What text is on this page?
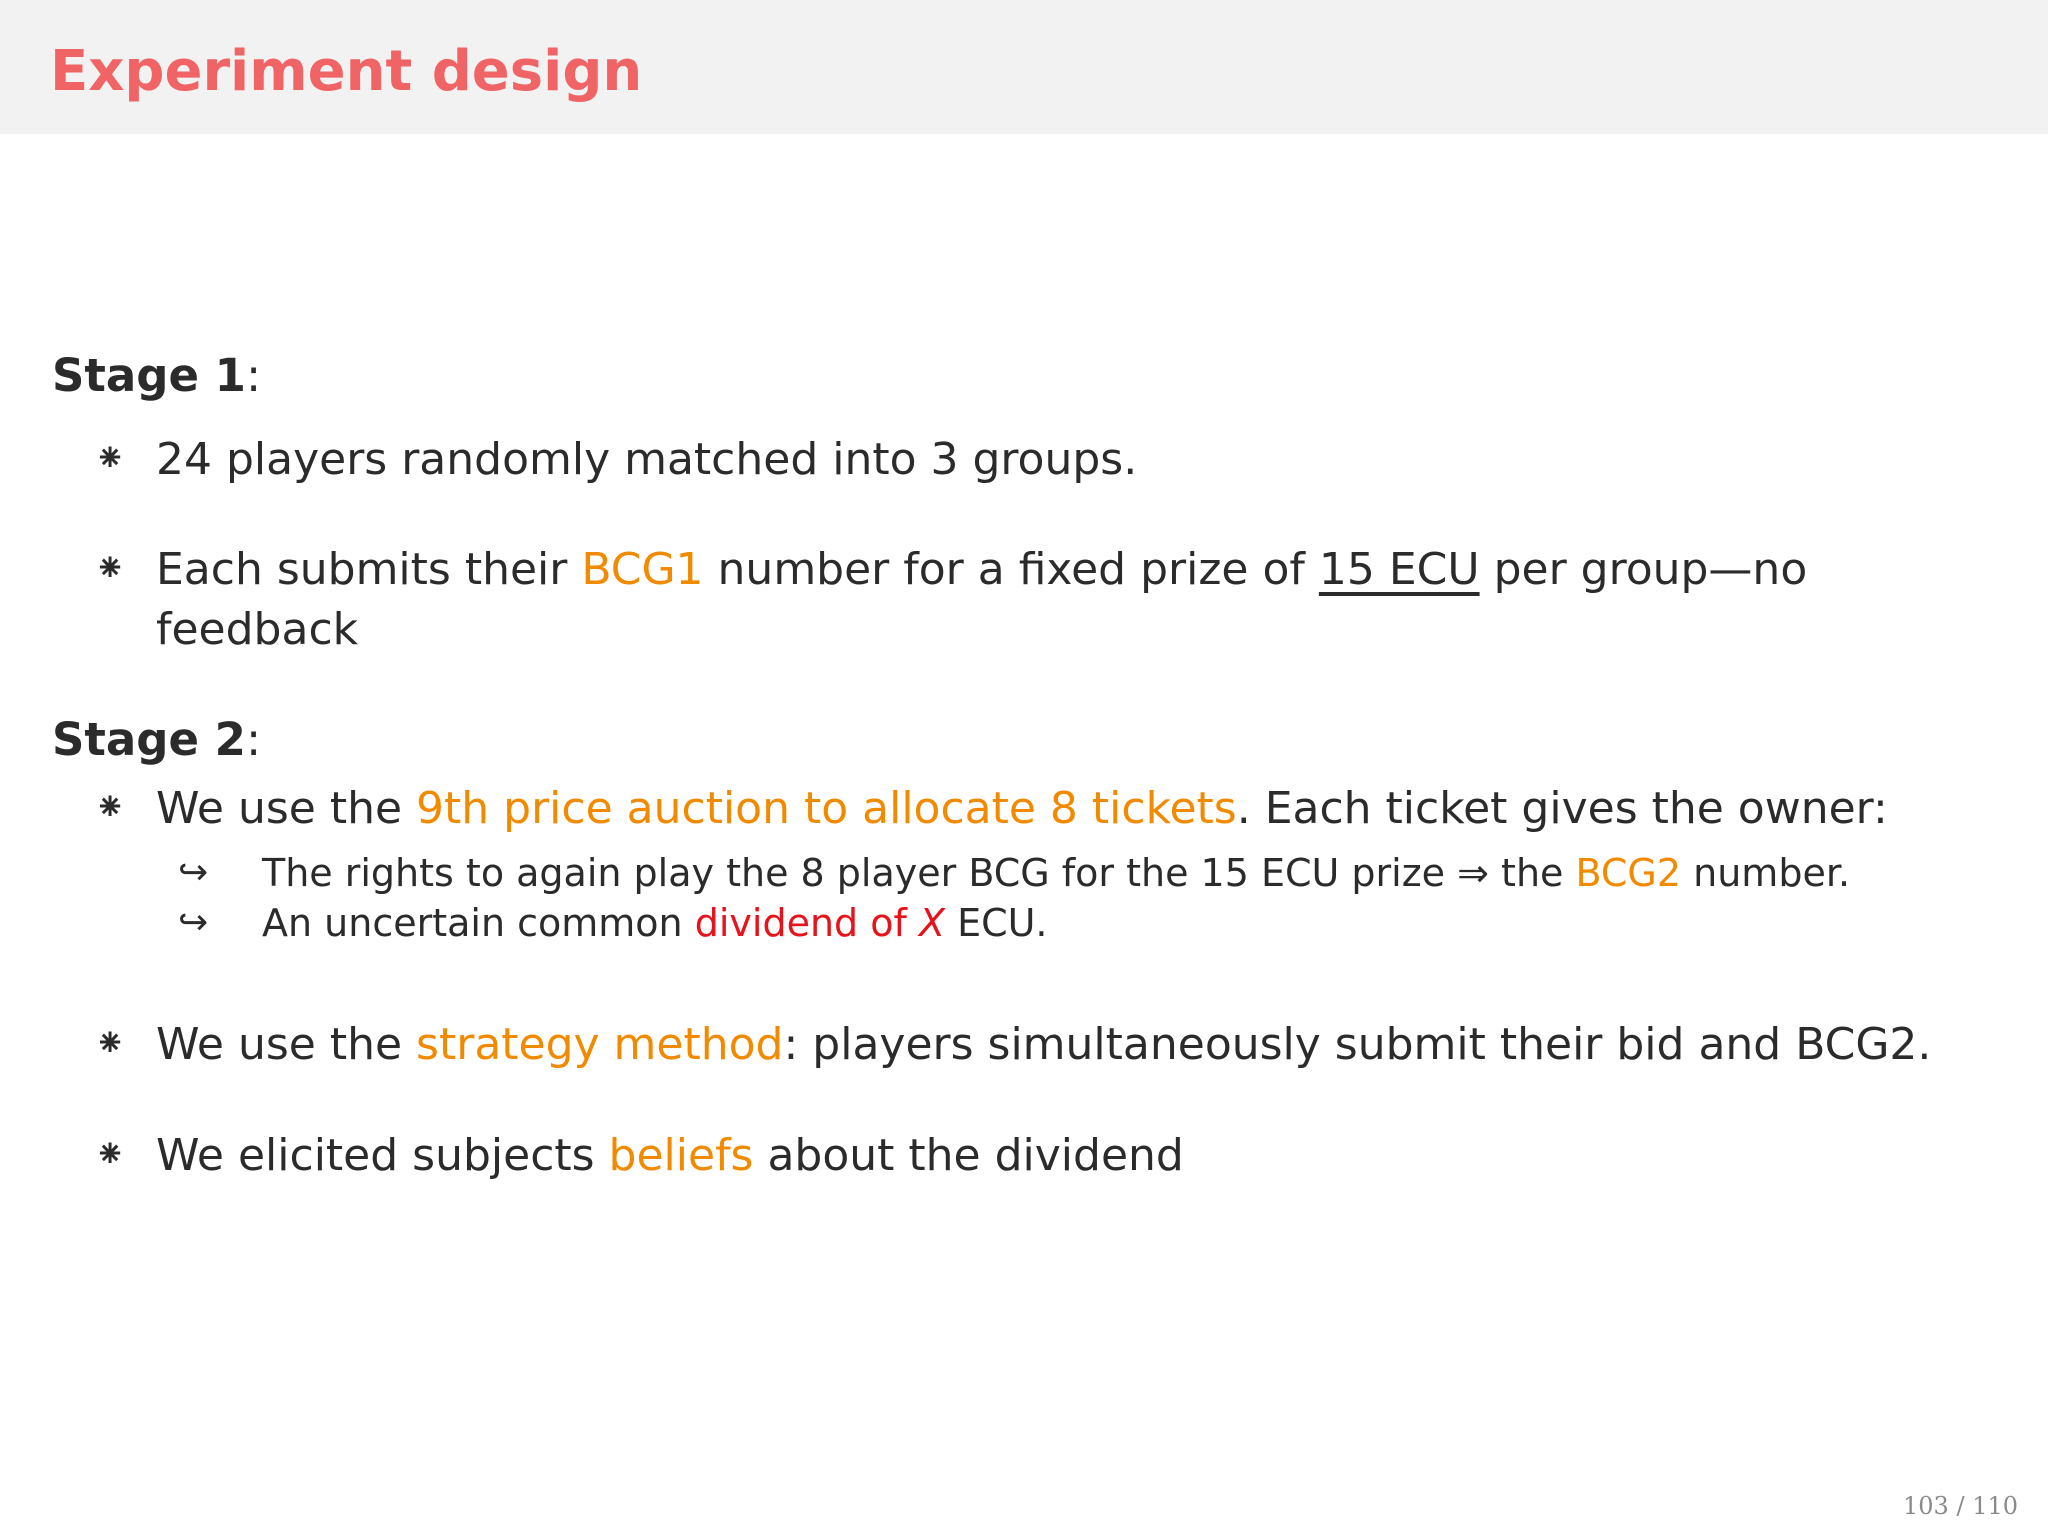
Experiment design
Stage 1:
⁕ 24 players randomly matched into 3 groups.
⁕ Each submits their BCG1 number for a fixed prize of 15 ECU per group—no
feedback
Stage 2:
⁕ We use the 9th price auction to allocate 8 tickets. Each ticket gives the owner:
↪ The rights to again play the 8 player BCG for the 15 ECU prize ⇒ the BCG2 number.
↪ An uncertain common dividend of X ECU.
⁕ We use the strategy method: players simultaneously submit their bid and BCG2.
⁕ We elicited subjects beliefs about the dividend
103 / 110
